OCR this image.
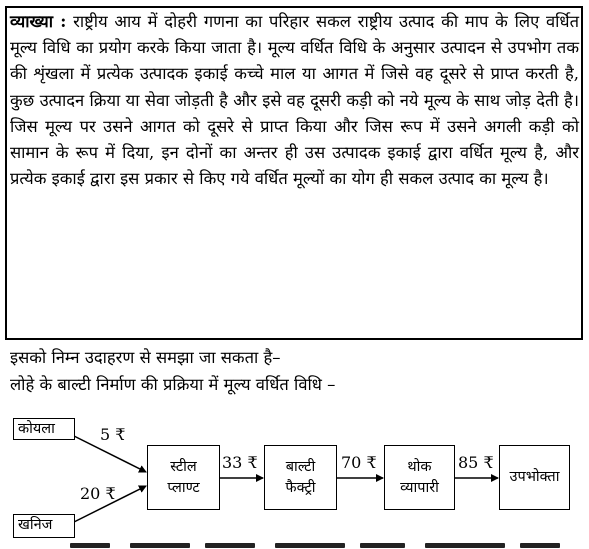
व्याख्या : राष्ट्रीय आय में दोहरी गणना का परिहार सकल राष्ट्रीय उत्पाद की माप के लिए वर्धित मूल्य विधि का प्रयोग करके किया जाता है। मूल्य वर्धित विधि के अनुसार उत्पादन से उपभोग तक की शृंखला में प्रत्येक उत्पादक इकाई कच्चे माल या आगत में जिसे वह दूसरे से प्राप्त करती है, कुछ उत्पादन क्रिया या सेवा जोड़ती है और इसे वह दूसरी कड़ी को नये मूल्य के साथ जोड़ देती है। जिस मूल्य पर उसने आगत को दूसरे से प्राप्त किया और जिस रूप में उसने अगली कड़ी को सामान के रूप में दिया, इन दोनों का अन्तर ही उस उत्पादक इकाई द्वारा वर्धित मूल्य है, और प्रत्येक इकाई द्वारा इस प्रकार से किए गये वर्धित मूल्यों का योग ही सकल उत्पाद का मूल्य है।

इसको निम्न उदाहरण से समझा जा सकता है–
लोहे के बाल्टी निर्माण की प्रक्रिया में मूल्य वर्धित विधि –
कोयला
खनिज
5 ₹
20 ₹
स्टील
प्लाण्ट
बाल्टी
फैक्ट्री
थोक
व्यापारी
उपभोक्ता
33 ₹	70 ₹	85 ₹
